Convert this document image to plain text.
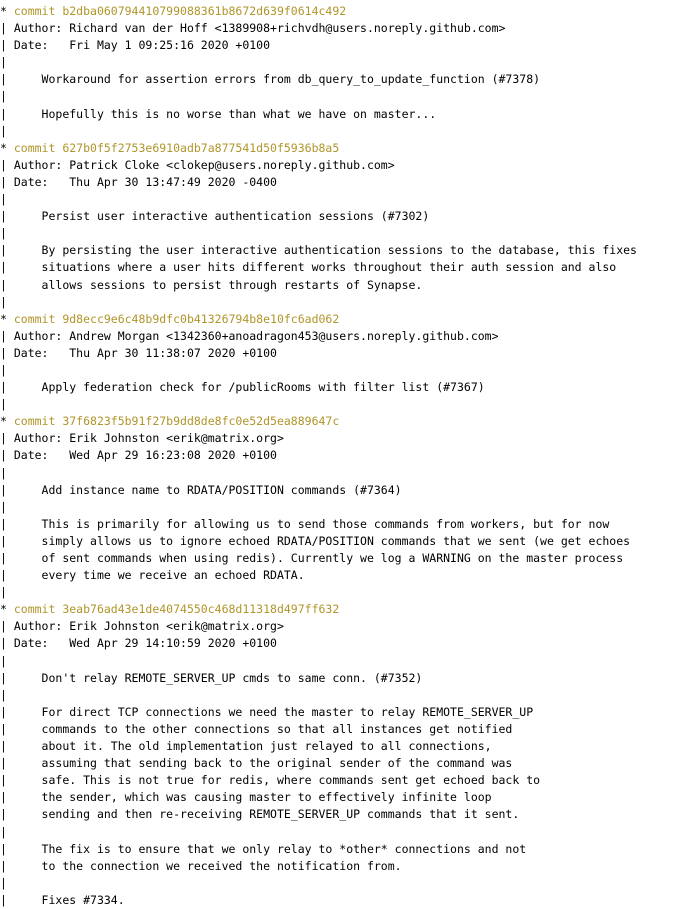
* commit b2dba060794410799088361b8672d639f0614c492
| Author: Richard van der Hoff <1389908+richvdh@users.noreply.github.com>
| Date:   Fri May 1 09:25:16 2020 +0100
|
|     Workaround for assertion errors from db_query_to_update_function (#7378)
|
|     Hopefully this is no worse than what we have on master...
|
* commit 627b0f5f2753e6910adb7a877541d50f5936b8a5
| Author: Patrick Cloke <clokep@users.noreply.github.com>
| Date:   Thu Apr 30 13:47:49 2020 -0400
|
|     Persist user interactive authentication sessions (#7302)
|
|     By persisting the user interactive authentication sessions to the database, this fixes
|     situations where a user hits different works throughout their auth session and also
|     allows sessions to persist through restarts of Synapse.
|
* commit 9d8ecc9e6c48b9dfc0b41326794b8e10fc6ad062
| Author: Andrew Morgan <1342360+anoadragon453@users.noreply.github.com>
| Date:   Thu Apr 30 11:38:07 2020 +0100
|
|     Apply federation check for /publicRooms with filter list (#7367)
|
* commit 37f6823f5b91f27b9dd8de8fc0e52d5ea889647c
| Author: Erik Johnston <erik@matrix.org>
| Date:   Wed Apr 29 16:23:08 2020 +0100
|
|     Add instance name to RDATA/POSITION commands (#7364)
|
|     This is primarily for allowing us to send those commands from workers, but for now
|     simply allows us to ignore echoed RDATA/POSITION commands that we sent (we get echoes
|     of sent commands when using redis). Currently we log a WARNING on the master process
|     every time we receive an echoed RDATA.
|
* commit 3eab76ad43e1de4074550c468d11318d497ff632
| Author: Erik Johnston <erik@matrix.org>
| Date:   Wed Apr 29 14:10:59 2020 +0100
|
|     Don't relay REMOTE_SERVER_UP cmds to same conn. (#7352)
|
|     For direct TCP connections we need the master to relay REMOTE_SERVER_UP
|     commands to the other connections so that all instances get notified
|     about it. The old implementation just relayed to all connections,
|     assuming that sending back to the original sender of the command was
|     safe. This is not true for redis, where commands sent get echoed back to
|     the sender, which was causing master to effectively infinite loop
|     sending and then re-receiving REMOTE_SERVER_UP commands that it sent.
|
|     The fix is to ensure that we only relay to *other* connections and not
|     to the connection we received the notification from.
|
|     Fixes #7334.
